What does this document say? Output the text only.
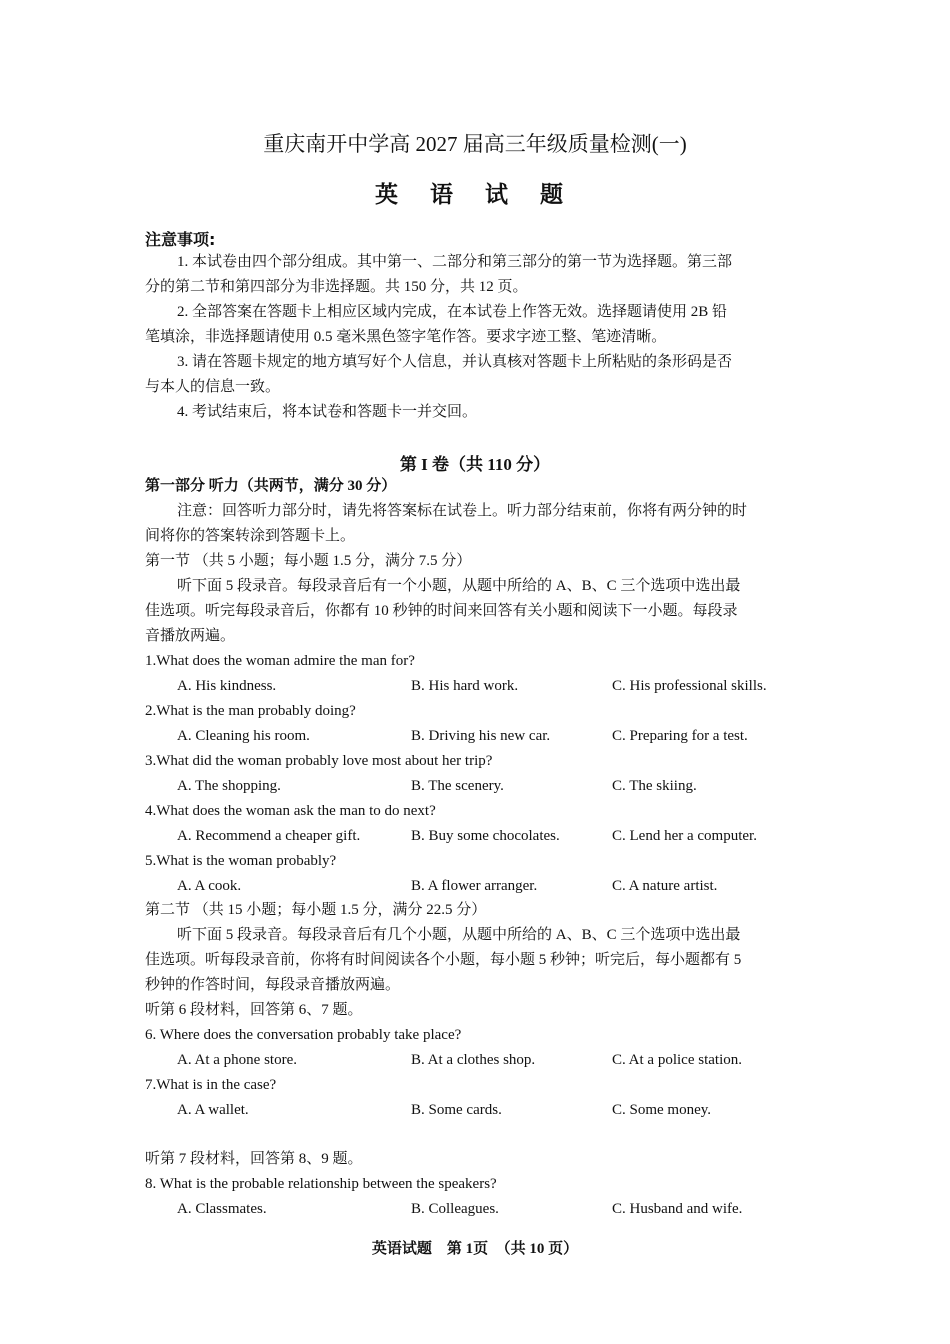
重庆南开中学高 2027 届高三年级质量检测(一)
英 语 试 题
注意事项:
1. 本试卷由四个部分组成。其中第一、二部分和第三部分的第一节为选择题。第三部
分的第二节和第四部分为非选择题。共 150 分，共 12 页。
2. 全部答案在答题卡上相应区域内完成，在本试卷上作答无效。选择题请使用 2B 铅
笔填涂，非选择题请使用 0.5 毫米黑色签字笔作答。要求字迹工整、笔迹清晰。
3. 请在答题卡规定的地方填写好个人信息，并认真核对答题卡上所粘贴的条形码是否
与本人的信息一致。
4. 考试结束后，将本试卷和答题卡一并交回。
第 I 卷（共 110 分）
第一部分 听力（共两节，满分 30 分）
注意：回答听力部分时，请先将答案标在试卷上。听力部分结束前，你将有两分钟的时
间将你的答案转涂到答题卡上。
第一节 （共 5 小题；每小题 1.5 分，满分 7.5 分）
听下面 5 段录音。每段录音后有一个小题，从题中所给的 A、B、C 三个选项中选出最
佳选项。听完每段录音后，你都有 10 秒钟的时间来回答有关小题和阅读下一小题。每段录
音播放两遍。
1.What does the woman admire the man for?
A. His kindness.	B. His hard work.	C. His professional skills.
2.What is the man probably doing?
A. Cleaning his room.	B. Driving his new car.	C. Preparing for a test.
3.What did the woman probably love most about her trip?
A. The shopping.	B. The scenery.	C. The skiing.
4.What does the woman ask the man to do next?
A. Recommend a cheaper gift.	B. Buy some chocolates.	C. Lend her a computer.
5.What is the woman probably?
A. A cook.	B. A flower arranger.	C. A nature artist.
第二节 （共 15 小题；每小题 1.5 分，满分 22.5 分）
听下面 5 段录音。每段录音后有几个小题，从题中所给的 A、B、C 三个选项中选出最
佳选项。听每段录音前，你将有时间阅读各个小题，每小题 5 秒钟；听完后，每小题都有 5
秒钟的作答时间，每段录音播放两遍。
听第 6 段材料，回答第 6、7 题。
6. Where does the conversation probably take place?
A. At a phone store.	B. At a clothes shop.	C. At a police station.
7.What is in the case?
A. A wallet.	B. Some cards.	C. Some money.
听第 7 段材料，回答第 8、9 题。
8. What is the probable relationship between the speakers?
A. Classmates.	B. Colleagues.	C. Husband and wife.
英语试题　第 1页　（共 10 页）
